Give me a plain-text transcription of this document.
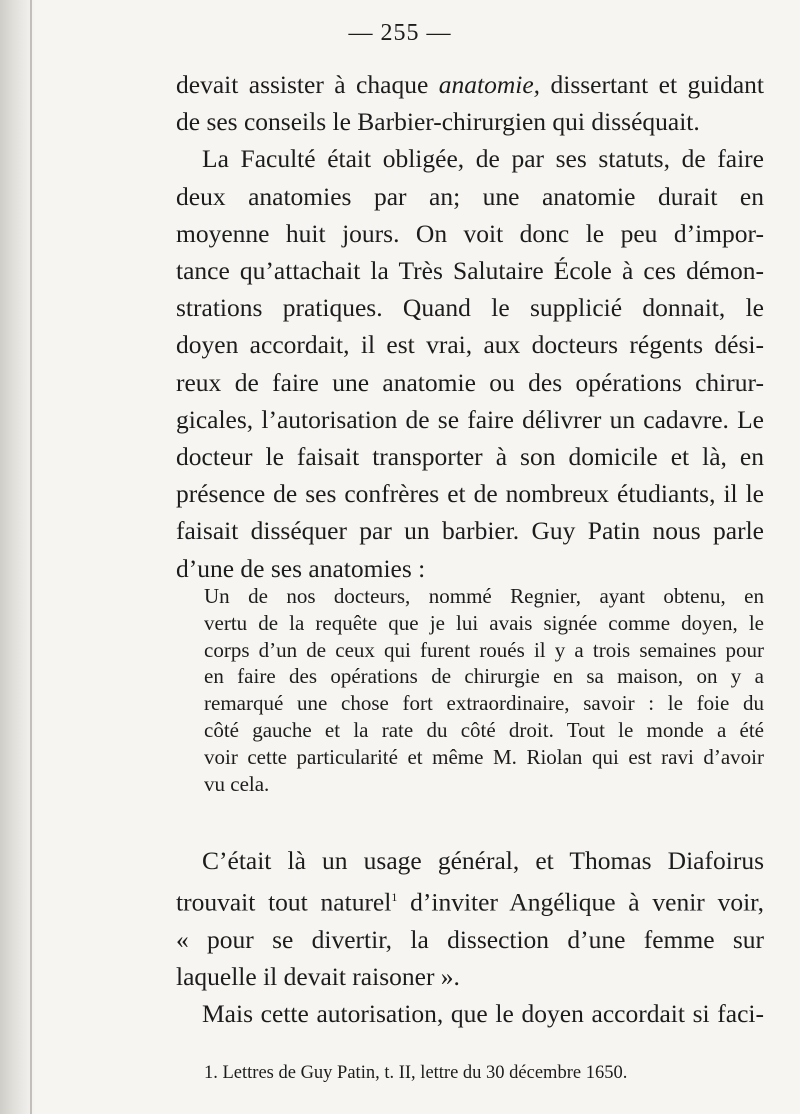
— 255 —
devait assister à chaque anatomie, dissertant et guidant
de ses conseils le Barbier-chirurgien qui disséquait.
La Faculté était obligée, de par ses statuts, de faire
deux anatomies par an; une anatomie durait en
moyenne huit jours. On voit donc le peu d’impor-
tance qu’attachait la Très Salutaire École à ces démon-
strations pratiques. Quand le supplicié donnait, le
doyen accordait, il est vrai, aux docteurs régents dési-
reux de faire une anatomie ou des opérations chirur-
gicales, l’autorisation de se faire délivrer un cadavre. Le
docteur le faisait transporter à son domicile et là, en
présence de ses confrères et de nombreux étudiants, il le
faisait disséquer par un barbier. Guy Patin nous parle
d’une de ses anatomies :
Un de nos docteurs, nommé Regnier, ayant obtenu, en
vertu de la requête que je lui avais signée comme doyen, le
corps d’un de ceux qui furent roués il y a trois semaines pour
en faire des opérations de chirurgie en sa maison, on y a
remarqué une chose fort extraordinaire, savoir : le foie du
côté gauche et la rate du côté droit. Tout le monde a été
voir cette particularité et même M. Riolan qui est ravi d’avoir
vu cela.
C’était là un usage général, et Thomas Diafoirus
trouvait tout naturel$^1$ d’inviter Angélique à venir voir,
« pour se divertir, la dissection d’une femme sur
laquelle il devait raisoner ».
Mais cette autorisation, que le doyen accordait si faci-
1. Lettres de Guy Patin, t. II, lettre du 30 décembre 1650.
